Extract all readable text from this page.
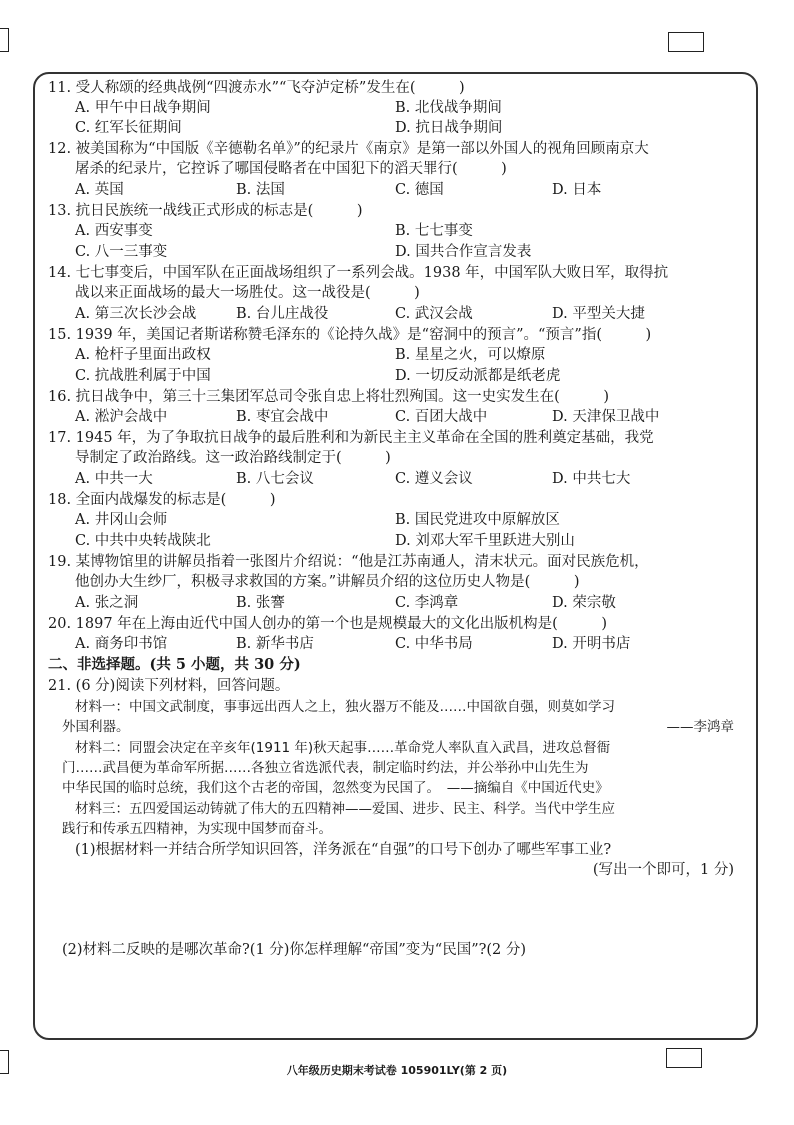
11. 受人称颂的经典战例“四渡赤水”“飞夺泸定桥”发生在(　　　)
A. 甲午中日战争期间	B. 北伐战争期间
C. 红军长征期间	D. 抗日战争期间
12. 被美国称为“中国版《辛德勒名单》”的纪录片《南京》是第一部以外国人的视角回顾南京大
屠杀的纪录片，它控诉了哪国侵略者在中国犯下的滔天罪行(　　　)
A. 英国	B. 法国	C. 德国	D. 日本
13. 抗日民族统一战线正式形成的标志是(　　　)
A. 西安事变	B. 七七事变
C. 八一三事变	D. 国共合作宣言发表
14. 七七事变后，中国军队在正面战场组织了一系列会战。1938 年，中国军队大败日军，取得抗
战以来正面战场的最大一场胜仗。这一战役是(　　　)
A. 第三次长沙会战	B. 台儿庄战役	C. 武汉会战	D. 平型关大捷
15. 1939 年，美国记者斯诺称赞毛泽东的《论持久战》是“窑洞中的预言”。“预言”指(　　　)
A. 枪杆子里面出政权	B. 星星之火，可以燎原
C. 抗战胜利属于中国	D. 一切反动派都是纸老虎
16. 抗日战争中，第三十三集团军总司令张自忠上将壮烈殉国。这一史实发生在(　　　)
A. 淞沪会战中	B. 枣宜会战中	C. 百团大战中	D. 天津保卫战中
17. 1945 年，为了争取抗日战争的最后胜利和为新民主主义革命在全国的胜利奠定基础，我党
导制定了政治路线。这一政治路线制定于(　　　)
A. 中共一大	B. 八七会议	C. 遵义会议	D. 中共七大
18. 全面内战爆发的标志是(　　　)
A. 井冈山会师	B. 国民党进攻中原解放区
C. 中共中央转战陕北	D. 刘邓大军千里跃进大别山
19. 某博物馆里的讲解员指着一张图片介绍说：“他是江苏南通人，清末状元。面对民族危机，
他创办大生纱厂，积极寻求救国的方案。”讲解员介绍的这位历史人物是(　　　)
A. 张之洞	B. 张謇	C. 李鸿章	D. 荣宗敬
20. 1897 年在上海由近代中国人创办的第一个也是规模最大的文化出版机构是(　　　)
A. 商务印书馆	B. 新华书店	C. 中华书局	D. 开明书店
二、非选择题。(共 5 小题，共 30 分)
21. (6 分)阅读下列材料，回答问题。
材料一：中国文武制度，事事远出西人之上，独火器万不能及……中国欲自强，则莫如学习
外国利器。	——李鸿章
材料二：同盟会决定在辛亥年(1911 年)秋天起事……革命党人率队直入武昌，进攻总督衙
门……武昌便为革命军所据……各独立省选派代表，制定临时约法，并公举孙中山先生为
中华民国的临时总统，我们这个古老的帝国，忽然变为民国了。　——摘编自《中国近代史》
材料三：五四爱国运动铸就了伟大的五四精神——爱国、进步、民主、科学。当代中学生应
践行和传承五四精神，为实现中国梦而奋斗。
(1)根据材料一并结合所学知识回答，洋务派在“自强”的口号下创办了哪些军事工业?
(写出一个即可，1 分)
(2)材料二反映的是哪次革命?(1 分)你怎样理解“帝国”变为“民国”?(2 分)
八年级历史期末考试卷 105901LY(第 2 页)
